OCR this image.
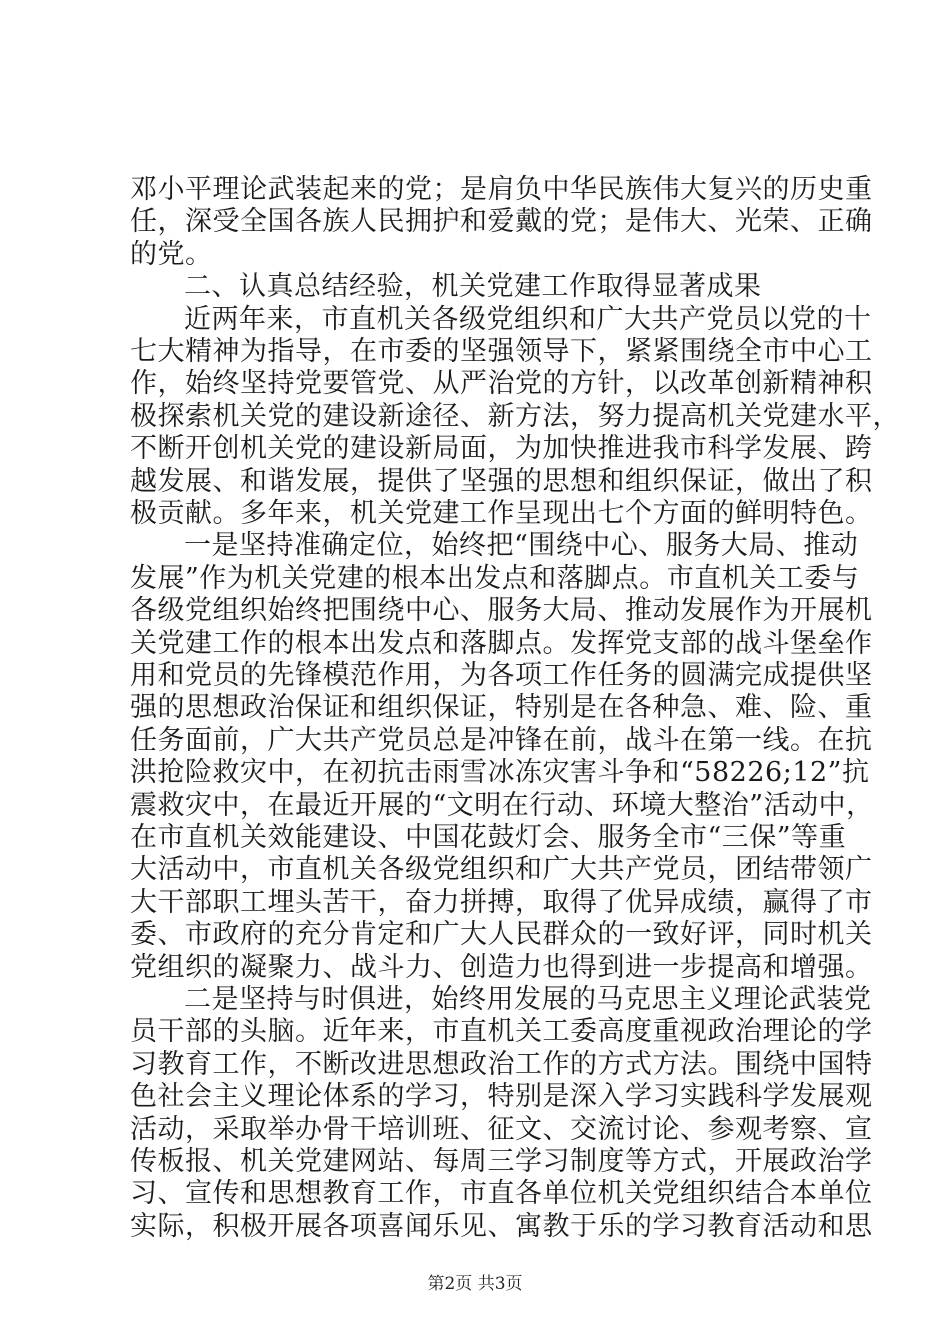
邓小平理论武装起来的党；是肩负中华民族伟大复兴的历史重
任，深受全国各族人民拥护和爱戴的党；是伟大、光荣、正确
的党。
二、认真总结经验，机关党建工作取得显著成果
近两年来，市直机关各级党组织和广大共产党员以党的十
七大精神为指导，在市委的坚强领导下，紧紧围绕全市中心工
作，始终坚持党要管党、从严治党的方针，以改革创新精神积
极探索机关党的建设新途径、新方法，努力提高机关党建水平，
不断开创机关党的建设新局面，为加快推进我市科学发展、跨
越发展、和谐发展，提供了坚强的思想和组织保证，做出了积
极贡献。多年来，机关党建工作呈现出七个方面的鲜明特色。
一是坚持准确定位，始终把“围绕中心、服务大局、推动
发展”作为机关党建的根本出发点和落脚点。市直机关工委与
各级党组织始终把围绕中心、服务大局、推动发展作为开展机
关党建工作的根本出发点和落脚点。发挥党支部的战斗堡垒作
用和党员的先锋模范作用，为各项工作任务的圆满完成提供坚
强的思想政治保证和组织保证，特别是在各种急、难、险、重
任务面前，广大共产党员总是冲锋在前，战斗在第一线。在抗
洪抢险救灾中，在初抗击雨雪冰冻灾害斗争和“58226;12”抗
震救灾中，在最近开展的“文明在行动、环境大整治”活动中，
在市直机关效能建设、中国花鼓灯会、服务全市“三保”等重
大活动中，市直机关各级党组织和广大共产党员，团结带领广
大干部职工埋头苦干，奋力拼搏，取得了优异成绩，赢得了市
委、市政府的充分肯定和广大人民群众的一致好评，同时机关
党组织的凝聚力、战斗力、创造力也得到进一步提高和增强。
二是坚持与时俱进，始终用发展的马克思主义理论武装党
员干部的头脑。近年来，市直机关工委高度重视政治理论的学
习教育工作，不断改进思想政治工作的方式方法。围绕中国特
色社会主义理论体系的学习，特别是深入学习实践科学发展观
活动，采取举办骨干培训班、征文、交流讨论、参观考察、宣
传板报、机关党建网站、每周三学习制度等方式，开展政治学
习、宣传和思想教育工作，市直各单位机关党组织结合本单位
实际，积极开展各项喜闻乐见、寓教于乐的学习教育活动和思
第2页 共3页
